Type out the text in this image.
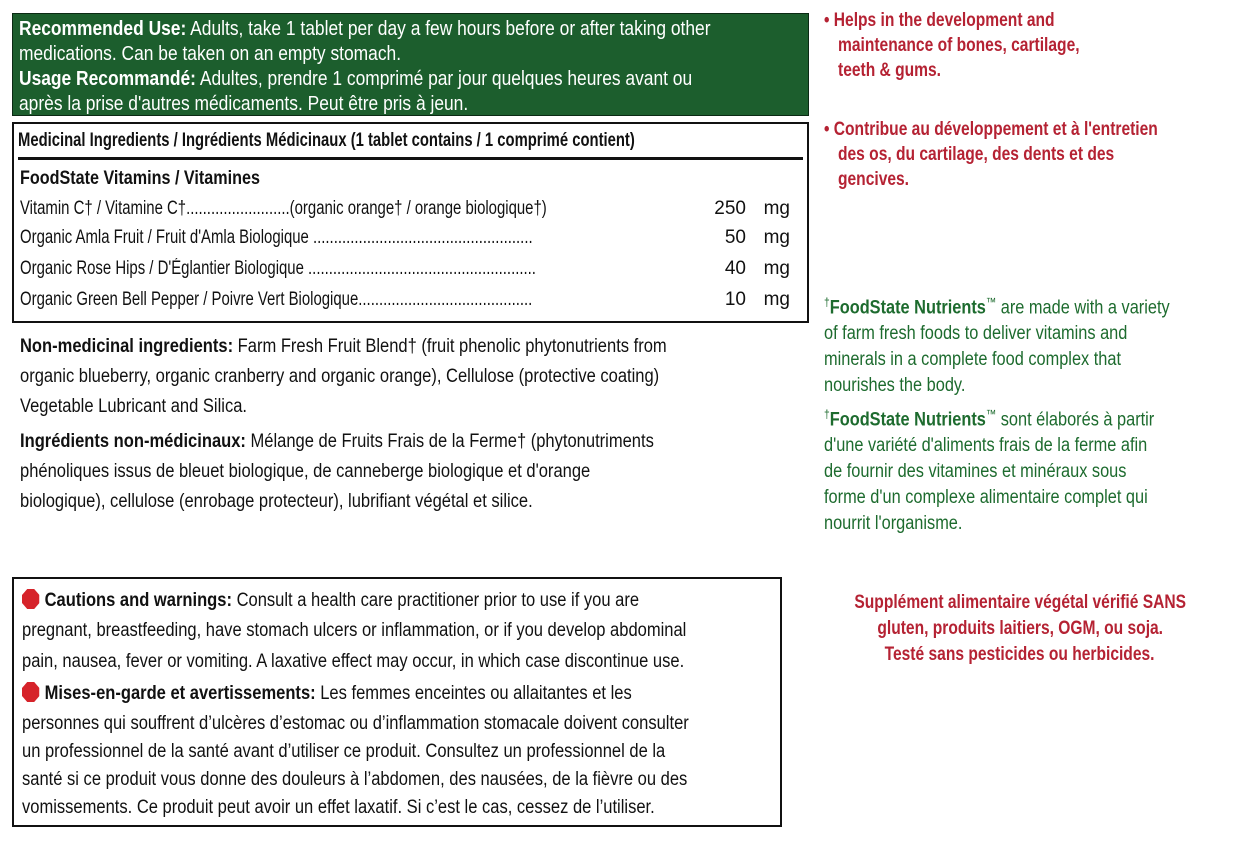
Recommended Use: Adults, take 1 tablet per day a few hours before or after taking other
medications. Can be taken on an empty stomach.
Usage Recommandé: Adultes, prendre 1 comprimé par jour quelques heures avant ou
après la prise d'autres médicaments. Peut être pris à jeun.
Medicinal Ingredients / Ingrédients Médicinaux (1 tablet contains / 1 comprimé contient)
FoodState Vitamins / Vitamines
Vitamin C† / Vitamine C†.........................(organic orange† / orange biologique†)	250 mg
Organic Amla Fruit / Fruit d'Amla Biologique .....................................................	50 mg
Organic Rose Hips / D'Églantier Biologique .......................................................	40 mg
Organic Green Bell Pepper / Poivre Vert Biologique..........................................	10 mg
Non-medicinal ingredients: Farm Fresh Fruit Blend† (fruit phenolic phytonutrients from
organic blueberry, organic cranberry and organic orange), Cellulose (protective coating)
Vegetable Lubricant and Silica.
Ingrédients non-médicinaux: Mélange de Fruits Frais de la Ferme† (phytonutriments
phénoliques issus de bleuet biologique, de canneberge biologique et d'orange
biologique), cellulose (enrobage protecteur), lubrifiant végétal et silice.
Cautions and warnings: Consult a health care practitioner prior to use if you are
pregnant, breastfeeding, have stomach ulcers or inflammation, or if you develop abdominal
pain, nausea, fever or vomiting. A laxative effect may occur, in which case discontinue use.
Mises-en-garde et avertissements: Les femmes enceintes ou allaitantes et les
personnes qui souffrent d’ulcères d’estomac ou d’inflammation stomacale doivent consulter
un professionnel de la santé avant d’utiliser ce produit. Consultez un professionnel de la
santé si ce produit vous donne des douleurs à l’abdomen, des nausées, de la fièvre ou des
vomissements. Ce produit peut avoir un effet laxatif. Si c’est le cas, cessez de l’utiliser.
• Helps in the development and
maintenance of bones, cartilage,
teeth & gums.
• Contribue au développement et à l'entretien
des os, du cartilage, des dents et des
gencives.
†FoodState Nutrients™ are made with a variety
of farm fresh foods to deliver vitamins and
minerals in a complete food complex that
nourishes the body.
†FoodState Nutrients™ sont élaborés à partir
d'une variété d'aliments frais de la ferme afin
de fournir des vitamines et minéraux sous
forme d'un complexe alimentaire complet qui
nourrit l'organisme.
Supplément alimentaire végétal vérifié SANS
gluten, produits laitiers, OGM, ou soja.
Testé sans pesticides ou herbicides.
